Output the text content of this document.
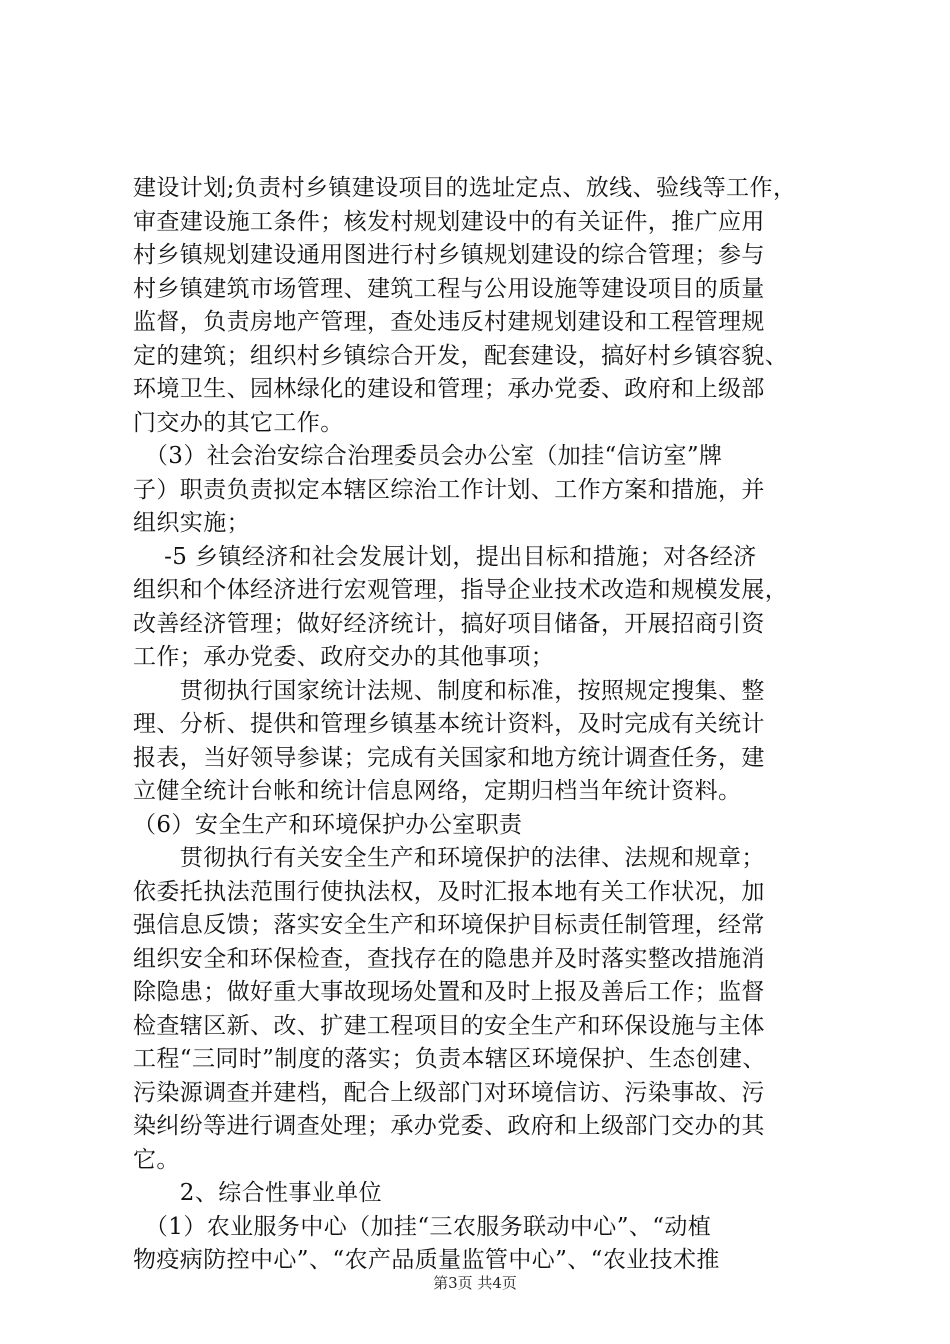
建设计划;负责村乡镇建设项目的选址定点、放线、验线等工作，
审查建设施工条件；核发村规划建设中的有关证件，推广应用
村乡镇规划建设通用图进行村乡镇规划建设的综合管理；参与
村乡镇建筑市场管理、建筑工程与公用设施等建设项目的质量
监督，负责房地产管理，查处违反村建规划建设和工程管理规
定的建筑；组织村乡镇综合开发，配套建设，搞好村乡镇容貌、
环境卫生、园林绿化的建设和管理；承办党委、政府和上级部
门交办的其它工作。
　（3）社会治安综合治理委员会办公室（加挂“信访室”牌
子）职责负责拟定本辖区综治工作计划、工作方案和措施，并
组织实施；
　 -5 乡镇经济和社会发展计划，提出目标和措施；对各经济
组织和个体经济进行宏观管理，指导企业技术改造和规模发展，
改善经济管理；做好经济统计，搞好项目储备，开展招商引资
工作；承办党委、政府交办的其他事项；
　　贯彻执行国家统计法规、制度和标准，按照规定搜集、整
理、分析、提供和管理乡镇基本统计资料，及时完成有关统计
报表，当好领导参谋；完成有关国家和地方统计调查任务，建
立健全统计台帐和统计信息网络，定期归档当年统计资料。
（6）安全生产和环境保护办公室职责
　　贯彻执行有关安全生产和环境保护的法律、法规和规章；
依委托执法范围行使执法权，及时汇报本地有关工作状况，加
强信息反馈；落实安全生产和环境保护目标责任制管理，经常
组织安全和环保检查，查找存在的隐患并及时落实整改措施消
除隐患；做好重大事故现场处置和及时上报及善后工作；监督
检查辖区新、改、扩建工程项目的安全生产和环保设施与主体
工程“三同时”制度的落实；负责本辖区环境保护、生态创建、
污染源调查并建档，配合上级部门对环境信访、污染事故、污
染纠纷等进行调查处理；承办党委、政府和上级部门交办的其
它。
　　2、综合性事业单位
　（1）农业服务中心（加挂“三农服务联动中心”、“动植
物疫病防控中心”、“农产品质量监管中心”、“农业技术推
第3页 共4页
